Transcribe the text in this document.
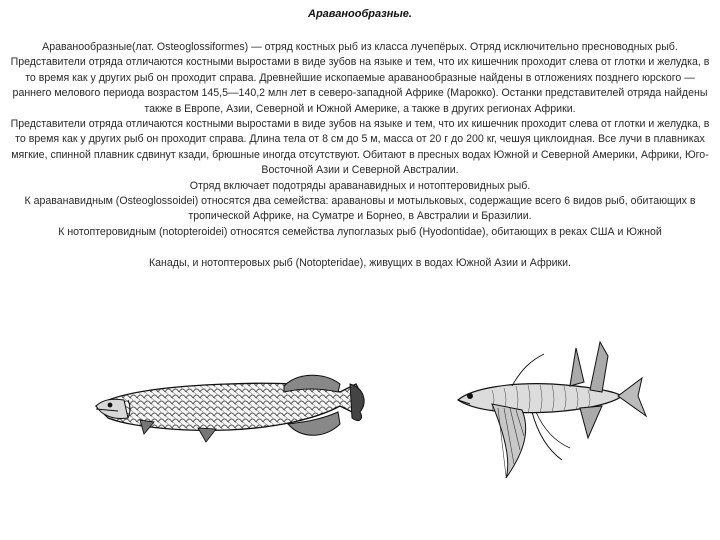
Араванообразные.

Араванообразные(лат. Osteoglossiformes) — отряд костных рыб из класса лучепёрых. Отряд исключительно пресноводных рыб. Представители отряда отличаются костными выростами в виде зубов на языке и тем, что их кишечник проходит слева от глотки и желудка, в то время как у других рыб он проходит справа. Древнейшие ископаемые араванообразные найдены в отложениях позднего юрского — раннего мелового периода возрастом 145,5—140,2 млн лет в северо-западной Африке (Марокко). Останки представителей отряда найдены также в Европе, Азии, Северной и Южной Америке, а также в других регионах Африки.

Представители отряда отличаются костными выростами в виде зубов на языке и тем, что их кишечник проходит слева от глотки и желудка, в то время как у других рыб он проходит справа. Длина тела от 8 см до 5 м, масса от 20 г до 200 кг, чешуя циклоидная. Все лучи в плавниках мягкие, спинной плавник сдвинут кзади, брюшные иногда отсутствуют. Обитают в пресных водах Южной и Северной Америки, Африки, Юго-Восточной Азии и Северной Австралии.

Отряд включает подотряды араванавидных и нотоптеровидных рыб.

К араванавидным (Osteoglossoidei) относятся два семейства: аравановы и мотыльковых, содержащие всего 6 видов рыб, обитающих в тропической Африке, на Суматре и Борнео, в Австралии и Бразилии.

К нотоптеровидным (notopteroidei) относятся семейства лупоглазых рыб (Hyodontidae), обитающих в реках США и Южной

Канады, и нотоптеровых рыб (Notopteridae), живущих в водах Южной Азии и Африки.
